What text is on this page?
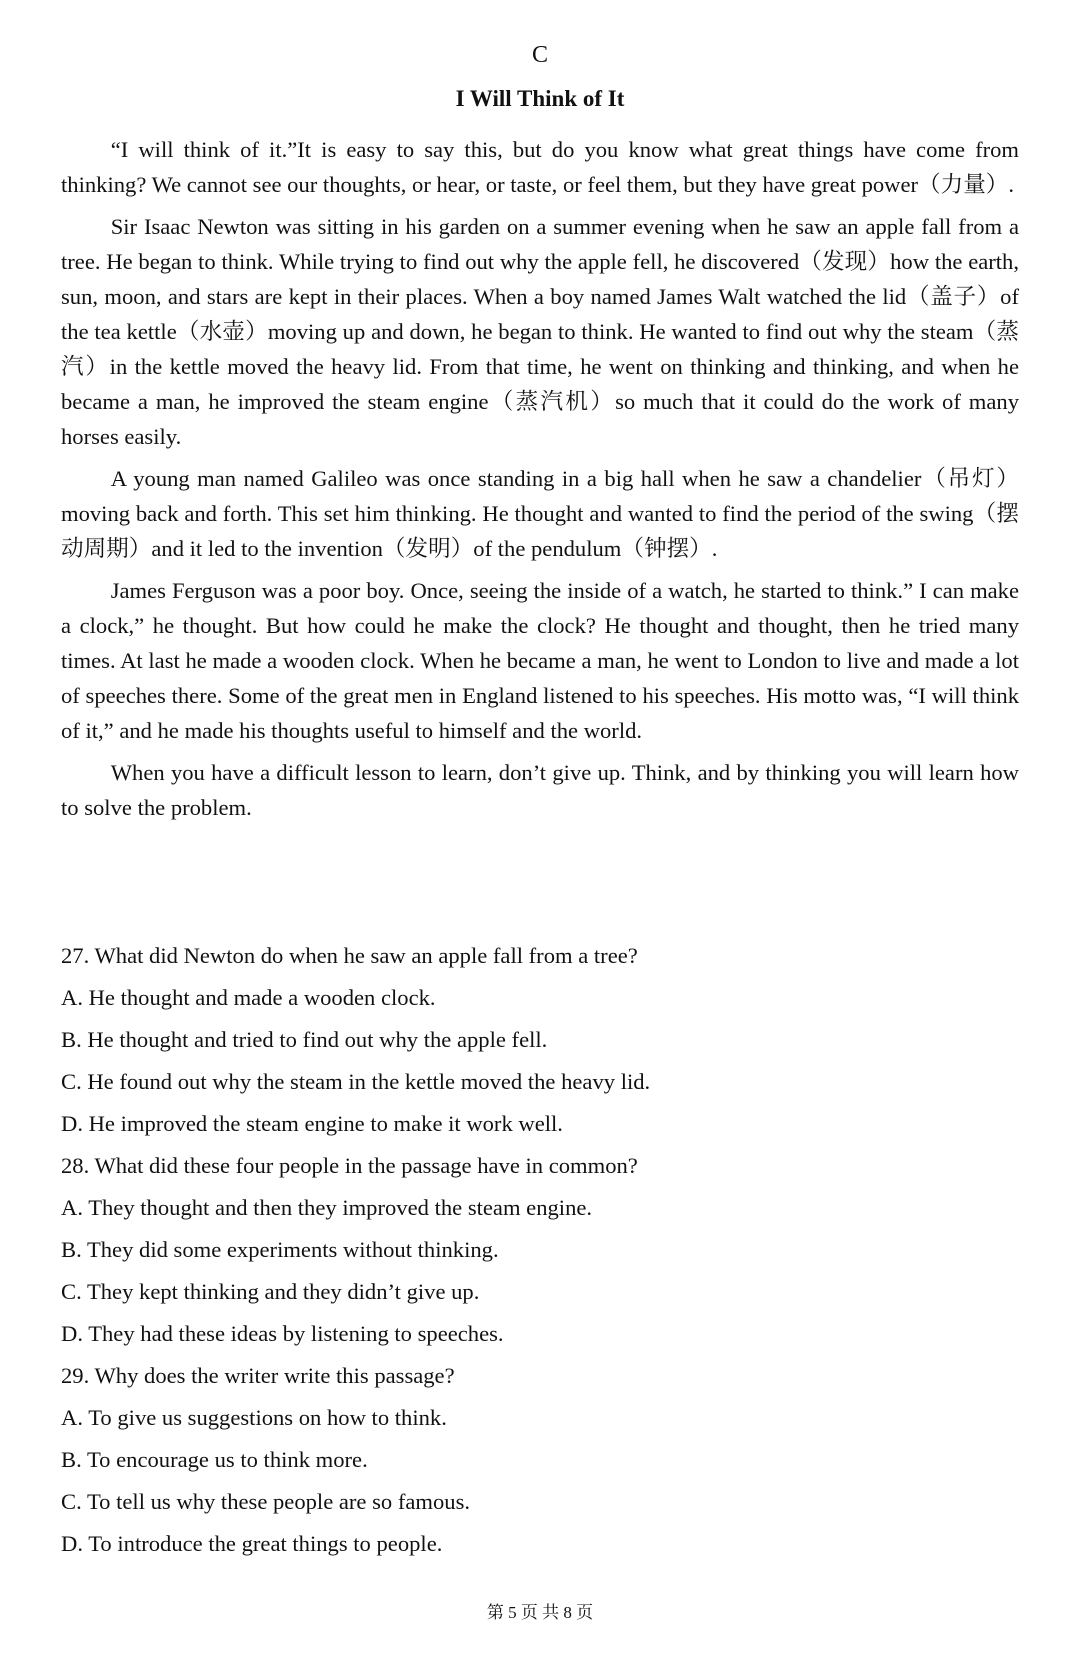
C
I Will Think of It

“I will think of it.”It is easy to say this, but do you know what great things have come from thinking? We cannot see our thoughts, or hear, or taste, or feel them, but they have great power（力量）.

Sir Isaac Newton was sitting in his garden on a summer evening when he saw an apple fall from a tree. He began to think. While trying to find out why the apple fell, he discovered（发现）how the earth, sun, moon, and stars are kept in their places. When a boy named James Walt watched the lid（盖子）of the tea kettle（水壶）moving up and down, he began to think. He wanted to find out why the steam（蒸汽）in the kettle moved the heavy lid. From that time, he went on thinking and thinking, and when he became a man, he improved the steam engine（蒸汽机）so much that it could do the work of many horses easily.

A young man named Galileo was once standing in a big hall when he saw a chandelier（吊灯）moving back and forth. This set him thinking. He thought and wanted to find the period of the swing（摆动周期）and it led to the invention（发明）of the pendulum（钟摆）.

James Ferguson was a poor boy. Once, seeing the inside of a watch, he started to think.” I can make a clock,” he thought. But how could he make the clock? He thought and thought, then he tried many times. At last he made a wooden clock. When he became a man, he went to London to live and made a lot of speeches there. Some of the great men in England listened to his speeches. His motto was, “I will think of it,” and he made his thoughts useful to himself and the world.

When you have a difficult lesson to learn, don’t give up. Think, and by thinking you will learn how to solve the problem.

27. What did Newton do when he saw an apple fall from a tree?
A. He thought and made a wooden clock.
B. He thought and tried to find out why the apple fell.
C. He found out why the steam in the kettle moved the heavy lid.
D. He improved the steam engine to make it work well.
28. What did these four people in the passage have in common?
A. They thought and then they improved the steam engine.
B. They did some experiments without thinking.
C. They kept thinking and they didn’t give up.
D. They had these ideas by listening to speeches.
29. Why does the writer write this passage?
A. To give us suggestions on how to think.
B. To encourage us to think more.
C. To tell us why these people are so famous.
D. To introduce the great things to people.
第 5 页 共 8 页
